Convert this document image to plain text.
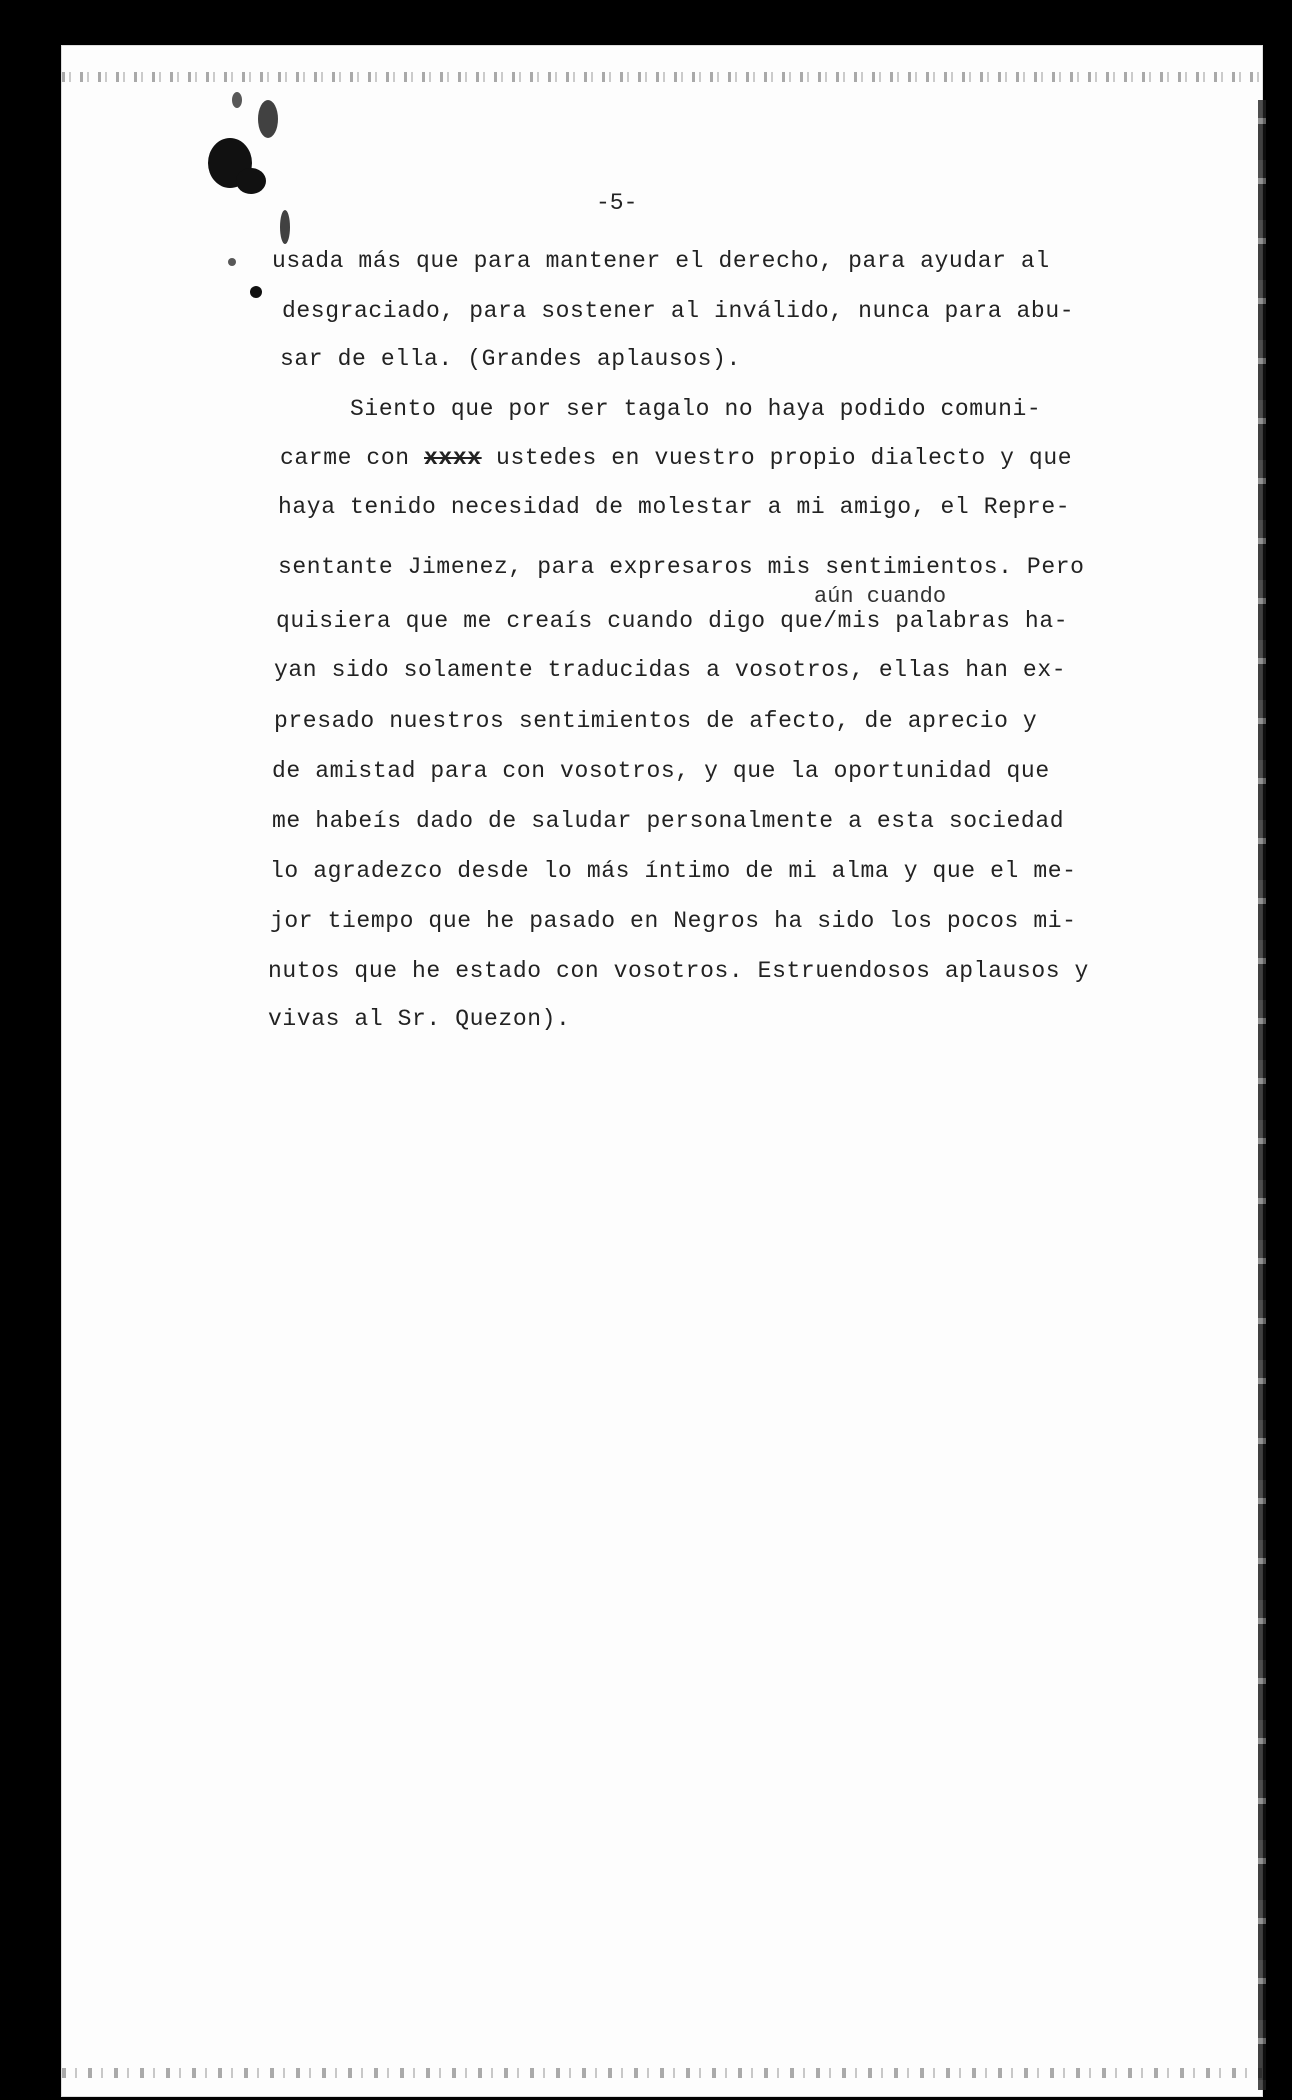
-5-
usada más que para mantener el derecho, para ayudar al
desgraciado, para sostener al inválido, nunca para abu-
sar de ella. (Grandes aplausos).
Siento que por ser tagalo no haya podido comuni-
carme con xxxx ustedes en vuestro propio dialecto y que
haya tenido necesidad de molestar a mi amigo, el Repre-
sentante Jimenez, para expresaros mis sentimientos. Pero
aún cuando
quisiera que me creaís cuando digo que/mis palabras ha-
yan sido solamente traducidas a vosotros, ellas han ex-
presado nuestros sentimientos de afecto, de aprecio y
de amistad para con vosotros, y que la oportunidad que
me habeís dado de saludar personalmente a esta sociedad
lo agradezco desde lo más íntimo de mi alma y que el me-
jor tiempo que he pasado en Negros ha sido los pocos mi-
nutos que he estado con vosotros. Estruendosos aplausos y
vivas al Sr. Quezon).
